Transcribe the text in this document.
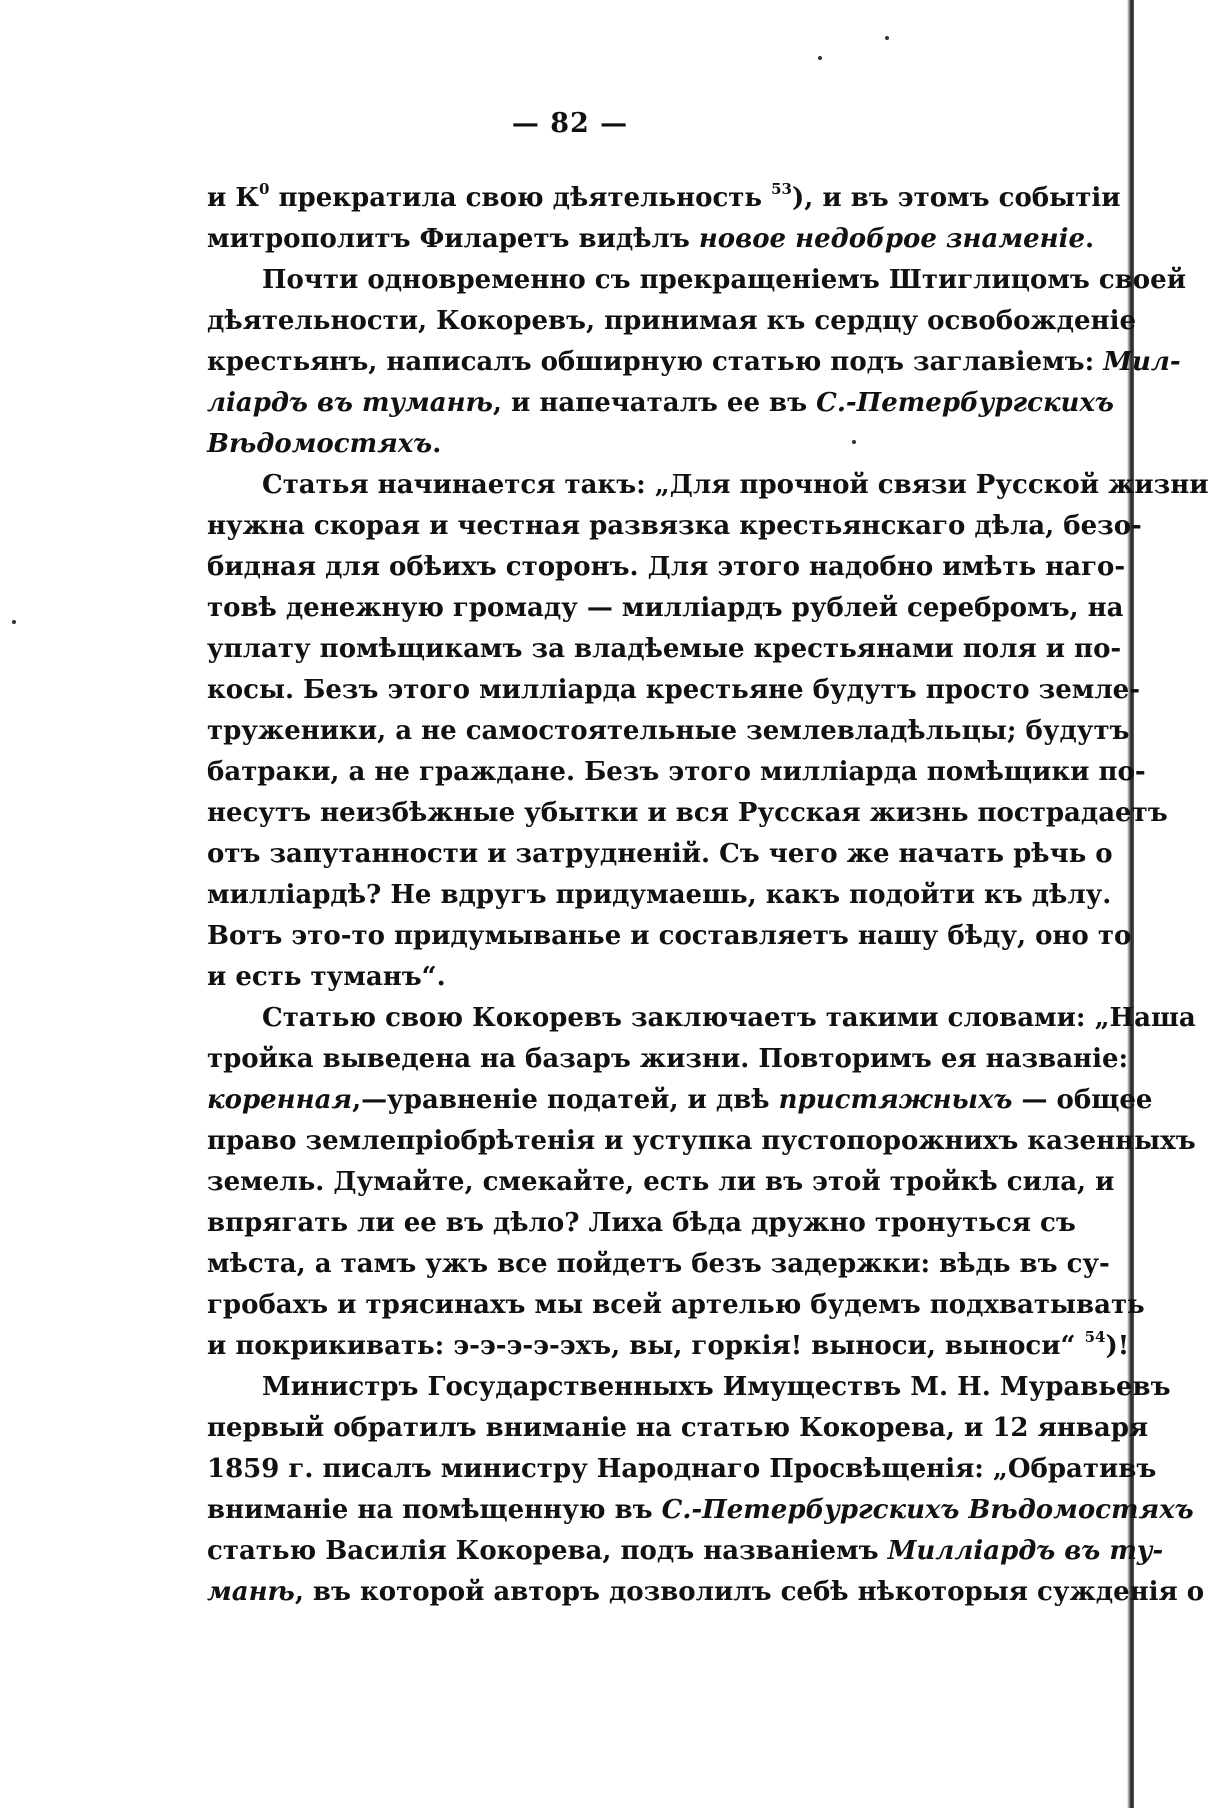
— 82 —
и $К^0$ прекратила свою дѣятельность $^{53}$), и въ этомъ событіи
митрополитъ Филаретъ видѣлъ новое недоброе знаменіе.
Почти одновременно съ прекращеніемъ Штиглицомъ своей
дѣятельности, Кокоревъ, принимая къ сердцу освобожденіе
крестьянъ, написалъ обширную статью подъ заглавіемъ: Мил-
ліардъ въ туманѣ, и напечаталъ ее въ С.-Петербургскихъ
Вѣдомостяхъ.
Статья начинается такъ: „Для прочной связи Русской жизни
нужна скорая и честная развязка крестьянскаго дѣла, безо-
бидная для обѣихъ сторонъ. Для этого надобно имѣть наго-
товѣ денежную громаду — милліардъ рублей серебромъ, на
уплату помѣщикамъ за владѣемые крестьянами поля и по-
косы. Безъ этого милліарда крестьяне будутъ просто земле-
труженики, а не самостоятельные землевладѣльцы; будутъ
батраки, а не граждане. Безъ этого милліарда помѣщики по-
несутъ неизбѣжные убытки и вся Русская жизнь пострадаетъ
отъ запутанности и затрудненій. Съ чего же начать рѣчь о
милліардѣ? Не вдругъ придумаешь, какъ подойти къ дѣлу.
Вотъ это-то придумыванье и составляетъ нашу бѣду, оно то
и есть туманъ“.
Статью свою Кокоревъ заключаетъ такими словами: „Наша
тройка выведена на базаръ жизни. Повторимъ ея названіе:
коренная,—уравненіе податей, и двѣ пристяжныхъ — общее
право землепріобрѣтенія и уступка пустопорожнихъ казенныхъ
земель. Думайте, смекайте, есть ли въ этой тройкѣ сила, и
впрягать ли ее въ дѣло? Лиха бѣда дружно тронуться съ
мѣста, а тамъ ужъ все пойдетъ безъ задержки: вѣдь въ су-
гробахъ и трясинахъ мы всей артелью будемъ подхватывать
и покрикивать: э-э-э-э-эхъ, вы, горкія! выноси, выноси“ $^{54}$)!
Министръ Государственныхъ Имуществъ М. Н. Муравьевъ
первый обратилъ вниманіе на статью Кокорева, и 12 января
1859 г. писалъ министру Народнаго Просвѣщенія: „Обративъ
вниманіе на помѣщенную въ С.-Петербургскихъ Вѣдомостяхъ
статью Василія Кокорева, подъ названіемъ Милліардъ въ ту-
манѣ, въ которой авторъ дозволилъ себѣ нѣкоторыя сужденія о
